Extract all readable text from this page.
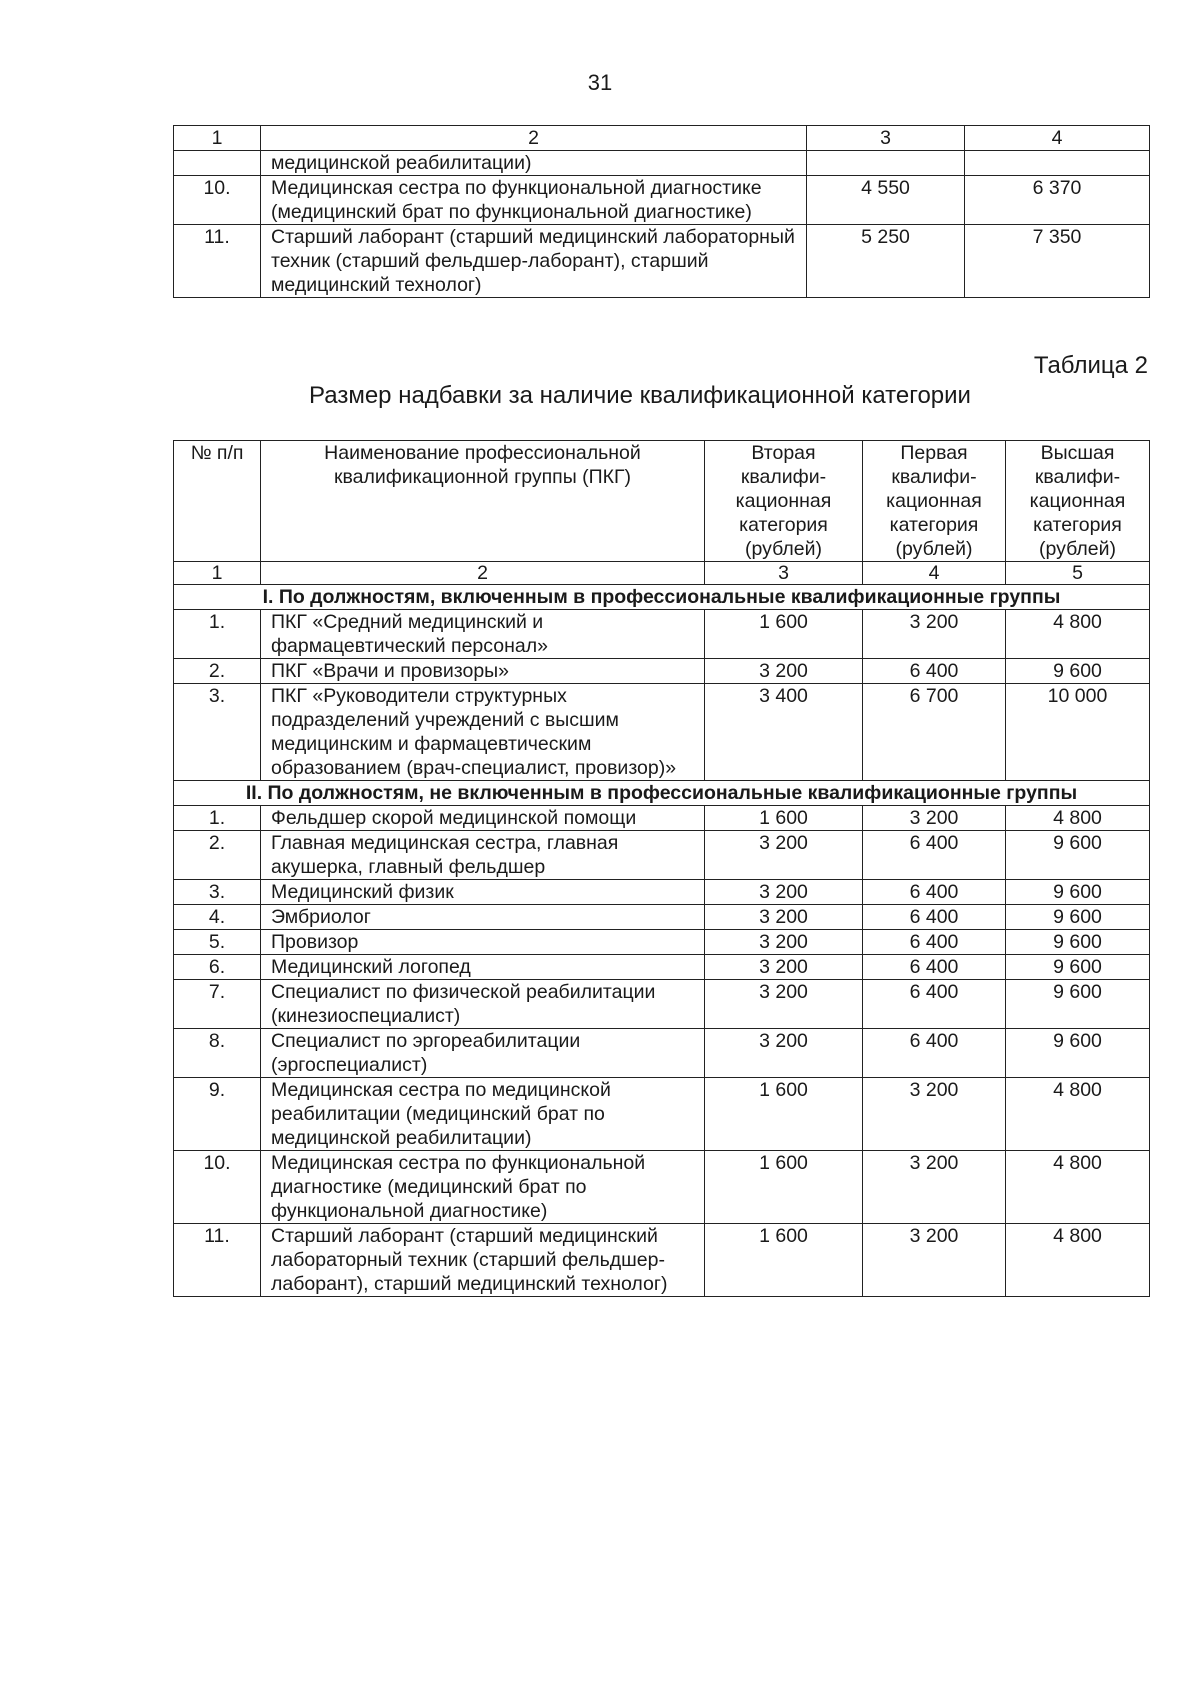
31
1	2	3	4
	медицинской реабилитации)		
10.	Медицинская сестра по функциональной диагностике (медицинский брат по функциональной диагностике)	4 550	6 370
11.	Старший лаборант (старший медицинский лабораторный техник (старший фельдшер-лаборант), старший медицинский технолог)	5 250	7 350
Таблица 2
Размер надбавки за наличие квалификационной категории
№ п/п	Наименование профессиональной квалификационной группы (ПКГ)	Вторая квалифи-кационная категория (рублей)	Первая квалифи-кационная категория (рублей)	Высшая квалифи-кационная категория (рублей)
1	2	3	4	5
I. По должностям, включенным в профессиональные квалификационные группы				
1.	ПКГ «Средний медицинский и фармацевтический персонал»	1 600	3 200	4 800
2.	ПКГ «Врачи и провизоры»	3 200	6 400	9 600
3.	ПКГ «Руководители структурных подразделений учреждений с высшим медицинским и фармацевтическим образованием (врач-специалист, провизор)»	3 400	6 700	10 000
II. По должностям, не включенным в профессиональные квалификационные группы				
1.	Фельдшер скорой медицинской помощи	1 600	3 200	4 800
2.	Главная медицинская сестра, главная акушерка, главный фельдшер	3 200	6 400	9 600
3.	Медицинский физик	3 200	6 400	9 600
4.	Эмбриолог	3 200	6 400	9 600
5.	Провизор	3 200	6 400	9 600
6.	Медицинский логопед	3 200	6 400	9 600
7.	Специалист по физической реабилитации (кинезиоспециалист)	3 200	6 400	9 600
8.	Специалист по эргореабилитации (эргоспециалист)	3 200	6 400	9 600
9.	Медицинская сестра по медицинской реабилитации (медицинский брат по медицинской реабилитации)	1 600	3 200	4 800
10.	Медицинская сестра по функциональной диагностике (медицинский брат по функциональной диагностике)	1 600	3 200	4 800
11.	Старший лаборант (старший медицинский лабораторный техник (старший фельдшер-лаборант), старший медицинский технолог)	1 600	3 200	4 800
